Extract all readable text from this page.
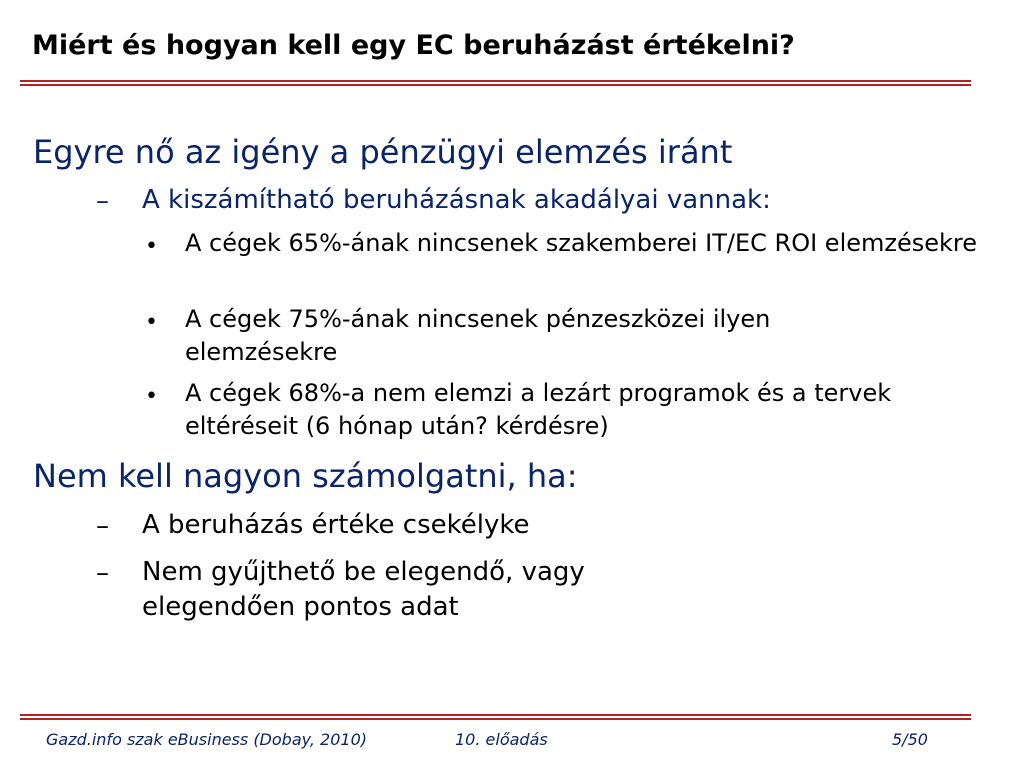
Miért és hogyan kell egy EC beruházást értékelni?
Egyre nő az igény a pénzügyi elemzés iránt
– A kiszámítható beruházásnak akadályai vannak:
• A cégek 65%-ának nincsenek szakemberei IT/EC ROI elemzésekre
• A cégek 75%-ának nincsenek pénzeszközei ilyen elemzésekre
• A cégek 68%-a nem elemzi a lezárt programok és a tervek eltéréseit (6 hónap után? kérdésre)
Nem kell nagyon számolgatni, ha:
– A beruházás értéke csekélyke
– Nem gyűjthető be elegendő, vagy
elegendően pontos adat
Gazd.info szak eBusiness (Dobay, 2010)	10. előadás	5/50
